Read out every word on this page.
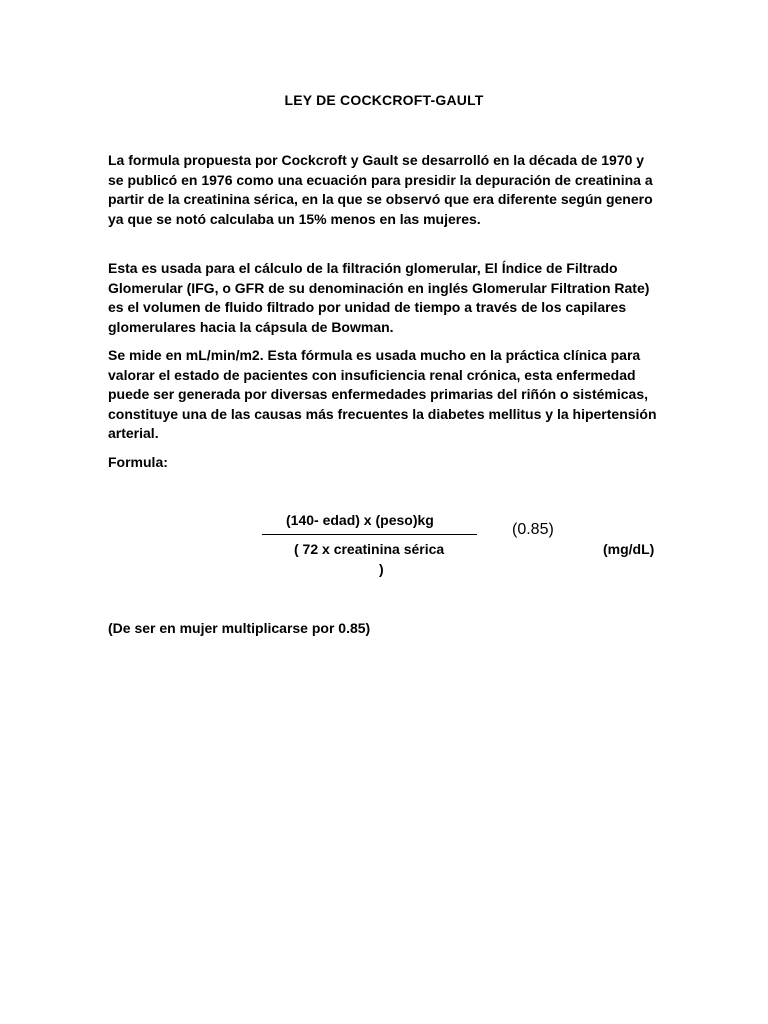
LEY DE COCKCROFT-GAULT

La formula propuesta por Cockcroft y Gault se desarrolló en la década de 1970 y se publicó en 1976 como una ecuación para presidir la depuración de creatinina a partir de la creatinina sérica, en la que se observó que era diferente según genero ya que se notó calculaba un 15% menos en las mujeres.

Esta es usada para el cálculo de la filtración glomerular, El Índice de Filtrado Glomerular (IFG, o GFR de su denominación en inglés Glomerular Filtration Rate) es el volumen de fluido filtrado por unidad de tiempo a través de los capilares glomerulares hacia la cápsula de Bowman.

Se mide en mL/min/m2. Esta fórmula es usada mucho en la práctica clínica para valorar el estado de pacientes con insuficiencia renal crónica, esta enfermedad puede ser generada por diversas enfermedades primarias del riñón o sistémicas, constituye una de las causas más frecuentes la diabetes mellitus y la hipertensión arterial.

Formula:

(140- edad) x (peso)kg
( 72 x creatinina sérica
)
(0.85)
(mg/dL)
(De ser en mujer multiplicarse por 0.85)
